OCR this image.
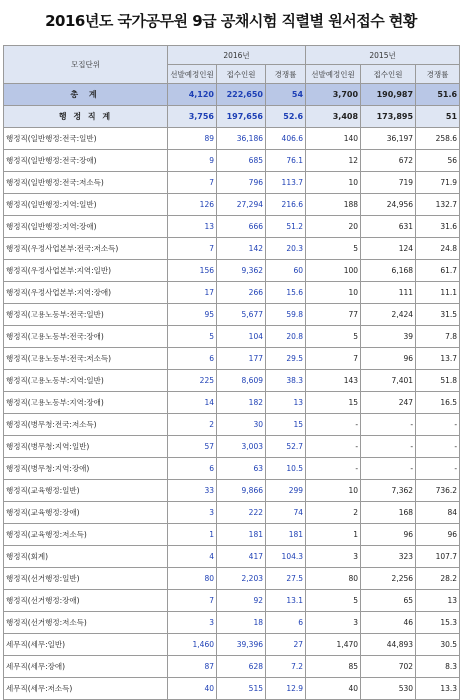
2016년도 국가공무원 9급 공채시험 직렬별 원서접수 현황
모집단위	2016년			2015년		
	선발예정인원	접수인원	경쟁률	선발예정인원	접수인원	경쟁률
총 계	4,120	222,650	54	3,700	190,987	51.6
행 정 직 계	3,756	197,656	52.6	3,408	173,895	51
행정직(일반행정:전국:일반)	89	36,186	406.6	140	36,197	258.6
행정직(일반행정:전국:장애)	9	685	76.1	12	672	56
행정직(일반행정:전국:저소득)	7	796	113.7	10	719	71.9
행정직(일반행정:지역:일반)	126	27,294	216.6	188	24,956	132.7
행정직(일반행정:지역:장애)	13	666	51.2	20	631	31.6
행정직(우정사업본부:전국:저소득)	7	142	20.3	5	124	24.8
행정직(우정사업본부:지역:일반)	156	9,362	60	100	6,168	61.7
행정직(우정사업본부:지역:장애)	17	266	15.6	10	111	11.1
행정직(고용노동부:전국:일반)	95	5,677	59.8	77	2,424	31.5
행정직(고용노동부:전국:장애)	5	104	20.8	5	39	7.8
행정직(고용노동부:전국:저소득)	6	177	29.5	7	96	13.7
행정직(고용노동부:지역:일반)	225	8,609	38.3	143	7,401	51.8
행정직(고용노동부:지역:장애)	14	182	13	15	247	16.5
행정직(병무청:전국:저소득)	2	30	15	-	-	-
행정직(병무청:지역:일반)	57	3,003	52.7	-	-	-
행정직(병무청:지역:장애)	6	63	10.5	-	-	-
행정직(교육행정:일반)	33	9,866	299	10	7,362	736.2
행정직(교육행정:장애)	3	222	74	2	168	84
행정직(교육행정:저소득)	1	181	181	1	96	96
행정직(회계)	4	417	104.3	3	323	107.7
행정직(선거행정:일반)	80	2,203	27.5	80	2,256	28.2
행정직(선거행정:장애)	7	92	13.1	5	65	13
행정직(선거행정:저소득)	3	18	6	3	46	15.3
세무직(세무:일반)	1,460	39,396	27	1,470	44,893	30.5
세무직(세무:장애)	87	628	7.2	85	702	8.3
세무직(세무:저소득)	40	515	12.9	40	530	13.3
